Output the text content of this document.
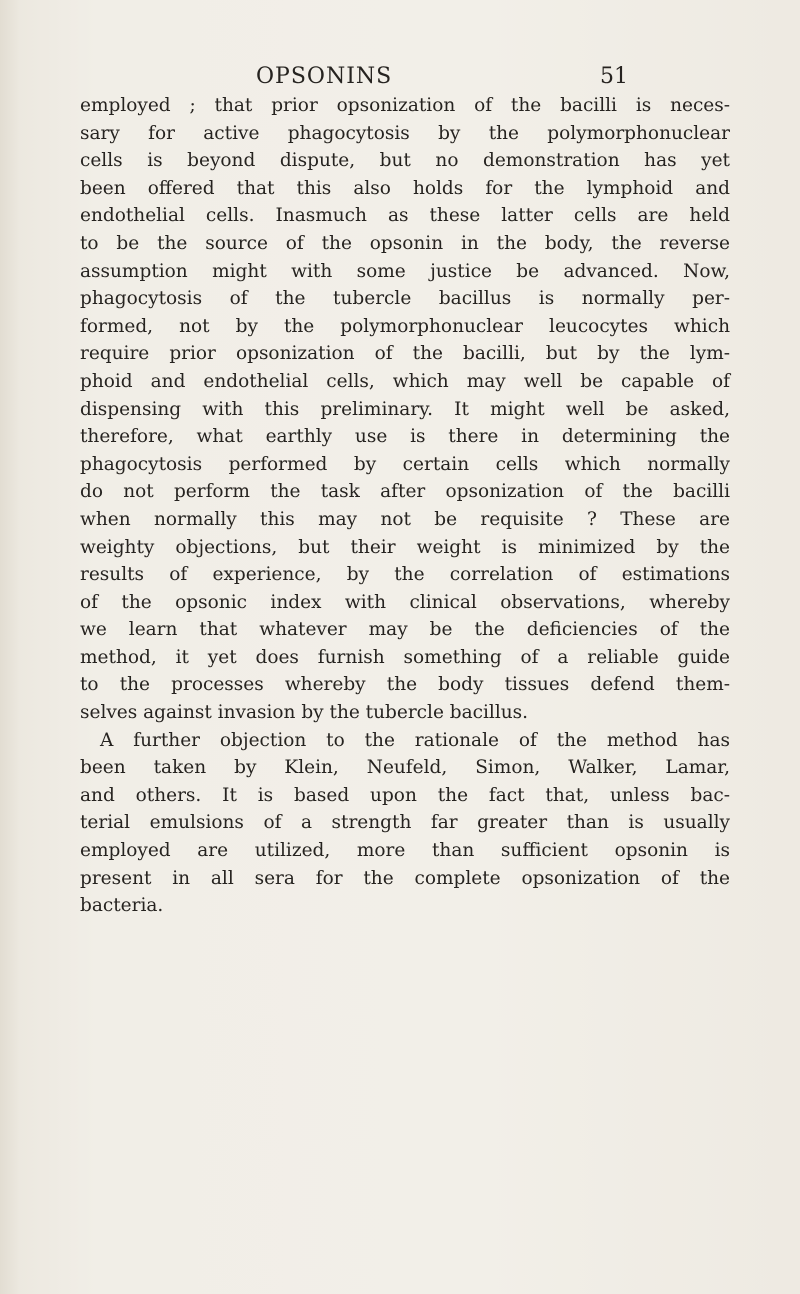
OPSONINS	51
employed ; that prior opsonization of the bacilli is neces-
sary for active phagocytosis by the polymorphonuclear
cells is beyond dispute, but no demonstration has yet
been offered that this also holds for the lymphoid and
endothelial cells. Inasmuch as these latter cells are held
to be the source of the opsonin in the body, the reverse
assumption might with some justice be advanced. Now,
phagocytosis of the tubercle bacillus is normally per-
formed, not by the polymorphonuclear leucocytes which
require prior opsonization of the bacilli, but by the lym-
phoid and endothelial cells, which may well be capable of
dispensing with this preliminary. It might well be asked,
therefore, what earthly use is there in determining the
phagocytosis performed by certain cells which normally
do not perform the task after opsonization of the bacilli
when normally this may not be requisite ? These are
weighty objections, but their weight is minimized by the
results of experience, by the correlation of estimations
of the opsonic index with clinical observations, whereby
we learn that whatever may be the deficiencies of the
method, it yet does furnish something of a reliable guide
to the processes whereby the body tissues defend them-
selves against invasion by the tubercle bacillus.
A further objection to the rationale of the method has
been taken by Klein, Neufeld, Simon, Walker, Lamar,
and others. It is based upon the fact that, unless bac-
terial emulsions of a strength far greater than is usually
employed are utilized, more than sufficient opsonin is
present in all sera for the complete opsonization of the
bacteria.
